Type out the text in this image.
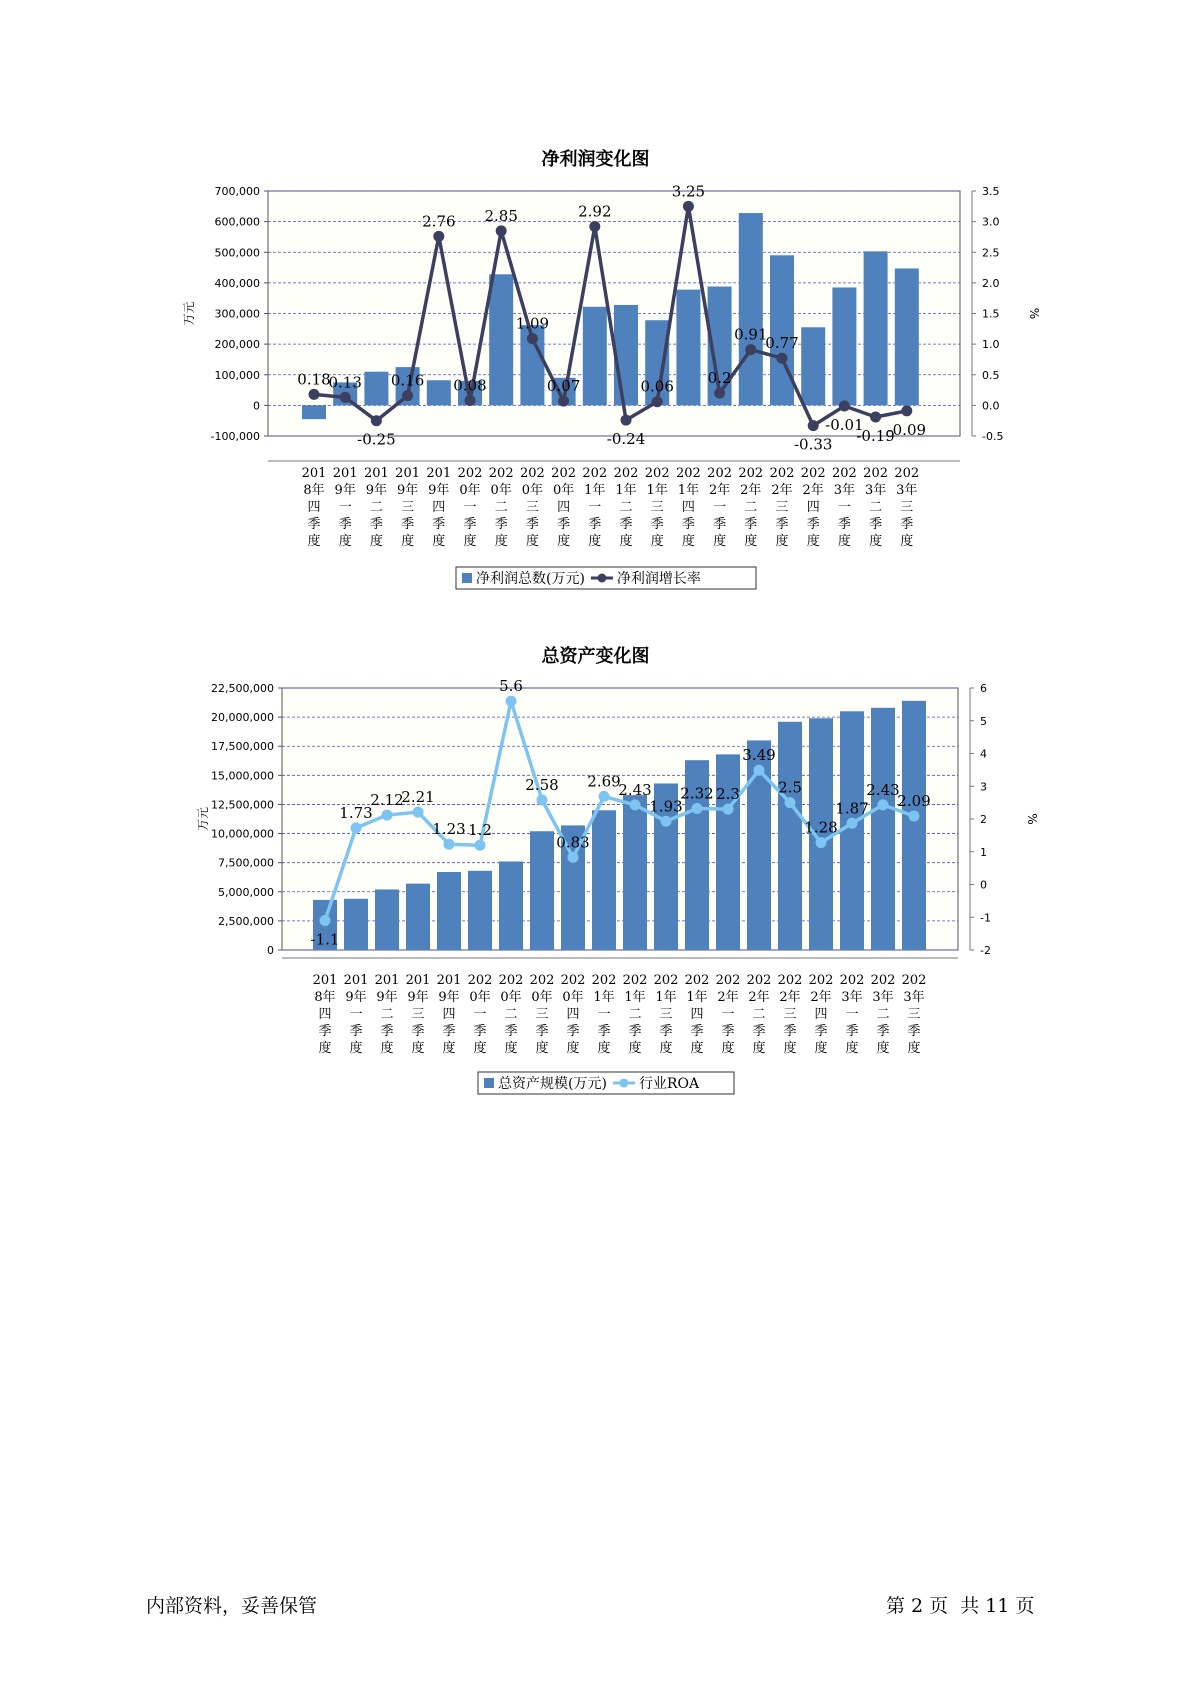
净利润变化图
-100,000
0
100,000
200,000
300,000
400,000
500,000
600,000
700,000
-0.5
0.0
0.5
1.0
1.5
2.0
2.5
3.0
3.5
万元	%
201
8年
四
季
度
201
9年
一
季
度
201
9年
二
季
度
201
9年
三
季
度
201
9年
四
季
度
202
0年
一
季
度
202
0年
二
季
度
202
0年
三
季
度
202
0年
四
季
度
202
1年
一
季
度
202
1年
二
季
度
202
1年
三
季
度
202
1年
四
季
度
202
2年
一
季
度
202
2年
二
季
度
202
2年
三
季
度
202
2年
四
季
度
202
3年
一
季
度
202
3年
二
季
度
202
3年
三
季
度
0.18
0.13
-0.25
0.16
2.76
0.08
2.85
1.09
0.07
2.92
-0.24
0.06
3.25
0.2
0.91
0.77
-0.33
-0.01
-0.19
-0.09
净利润总数(万元) 净利润增长率
总资产变化图
0
2,500,000
5,000,000
7,500,000
10,000,000
12,500,000
15,000,000
17,500,000
20,000,000
22,500,000
-2
-1
0
1
2
3
4
5
6
万元	%
201
8年
四
季
度
201
9年
一
季
度
201
9年
二
季
度
201
9年
三
季
度
201
9年
四
季
度
202
0年
一
季
度
202
0年
二
季
度
202
0年
三
季
度
202
0年
四
季
度
202
1年
一
季
度
202
1年
二
季
度
202
1年
三
季
度
202
1年
四
季
度
202
2年
一
季
度
202
2年
二
季
度
202
2年
三
季
度
202
2年
四
季
度
202
3年
一
季
度
202
3年
二
季
度
202
3年
三
季
度
-1.1
1.73
2.12
2.21
1.23 1.2
5.6
2.58
0.83
2.69
2.43
1.93
2.32 2.3
3.49
2.5
1.28
1.87
2.43
2.09
总资产规模(万元) 行业ROA
内部资料，妥善保管	第 2 页 共 11 页
